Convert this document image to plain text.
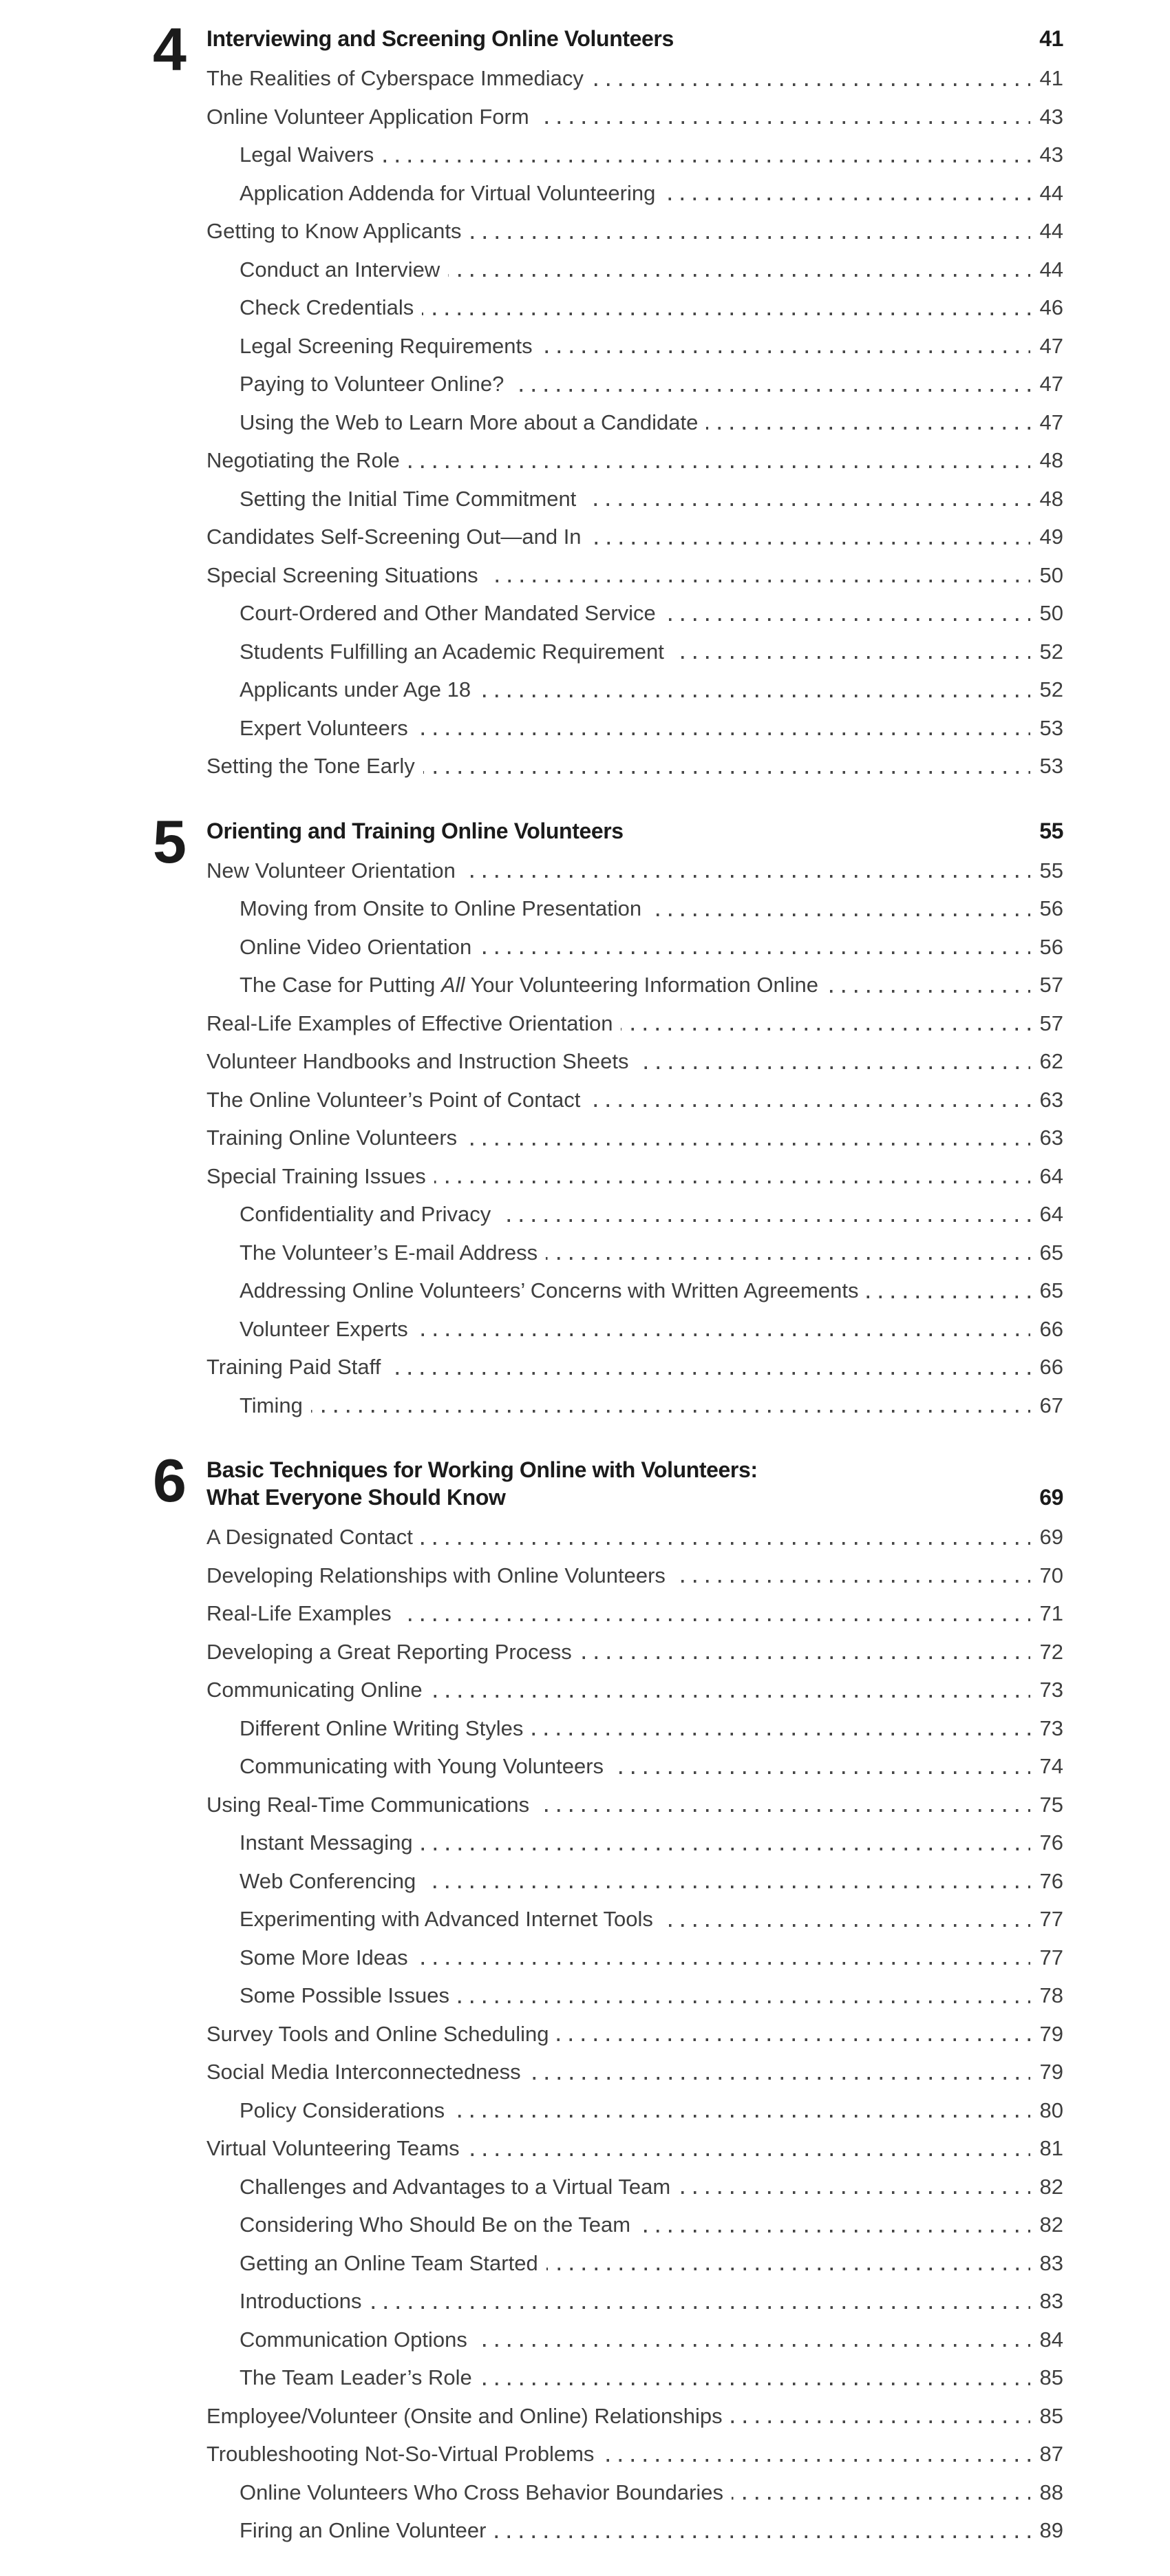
4 Interviewing and Screening Online Volunteers	41
The Realities of Cyberspace Immediacy	41
Online Volunteer Application Form	43
Legal Waivers	43
Application Addenda for Virtual Volunteering	44
Getting to Know Applicants	44
Conduct an Interview	44
Check Credentials	46
Legal Screening Requirements	47
Paying to Volunteer Online?	47
Using the Web to Learn More about a Candidate	47
Negotiating the Role	48
Setting the Initial Time Commitment	48
Candidates Self-Screening Out—and In	49
Special Screening Situations	50
Court-Ordered and Other Mandated Service	50
Students Fulfilling an Academic Requirement	52
Applicants under Age 18	52
Expert Volunteers	53
Setting the Tone Early	53
5 Orienting and Training Online Volunteers	55
New Volunteer Orientation	55
Moving from Onsite to Online Presentation	56
Online Video Orientation	56
The Case for Putting All Your Volunteering Information Online	57
Real-Life Examples of Effective Orientation	57
Volunteer Handbooks and Instruction Sheets	62
The Online Volunteer’s Point of Contact	63
Training Online Volunteers	63
Special Training Issues	64
Confidentiality and Privacy	64
The Volunteer’s E-mail Address	65
Addressing Online Volunteers’ Concerns with Written Agreements	65
Volunteer Experts	66
Training Paid Staff	66
Timing	67
6 Basic Techniques for Working Online with Volunteers:
What Everyone Should Know	69
A Designated Contact	69
Developing Relationships with Online Volunteers	70
Real-Life Examples	71
Developing a Great Reporting Process	72
Communicating Online	73
Different Online Writing Styles	73
Communicating with Young Volunteers	74
Using Real-Time Communications	75
Instant Messaging	76
Web Conferencing	76
Experimenting with Advanced Internet Tools	77
Some More Ideas	77
Some Possible Issues	78
Survey Tools and Online Scheduling	79
Social Media Interconnectedness	79
Policy Considerations	80
Virtual Volunteering Teams	81
Challenges and Advantages to a Virtual Team	82
Considering Who Should Be on the Team	82
Getting an Online Team Started	83
Introductions	83
Communication Options	84
The Team Leader’s Role	85
Employee/Volunteer (Onsite and Online) Relationships	85
Troubleshooting Not-So-Virtual Problems	87
Online Volunteers Who Cross Behavior Boundaries	88
Firing an Online Volunteer	89
